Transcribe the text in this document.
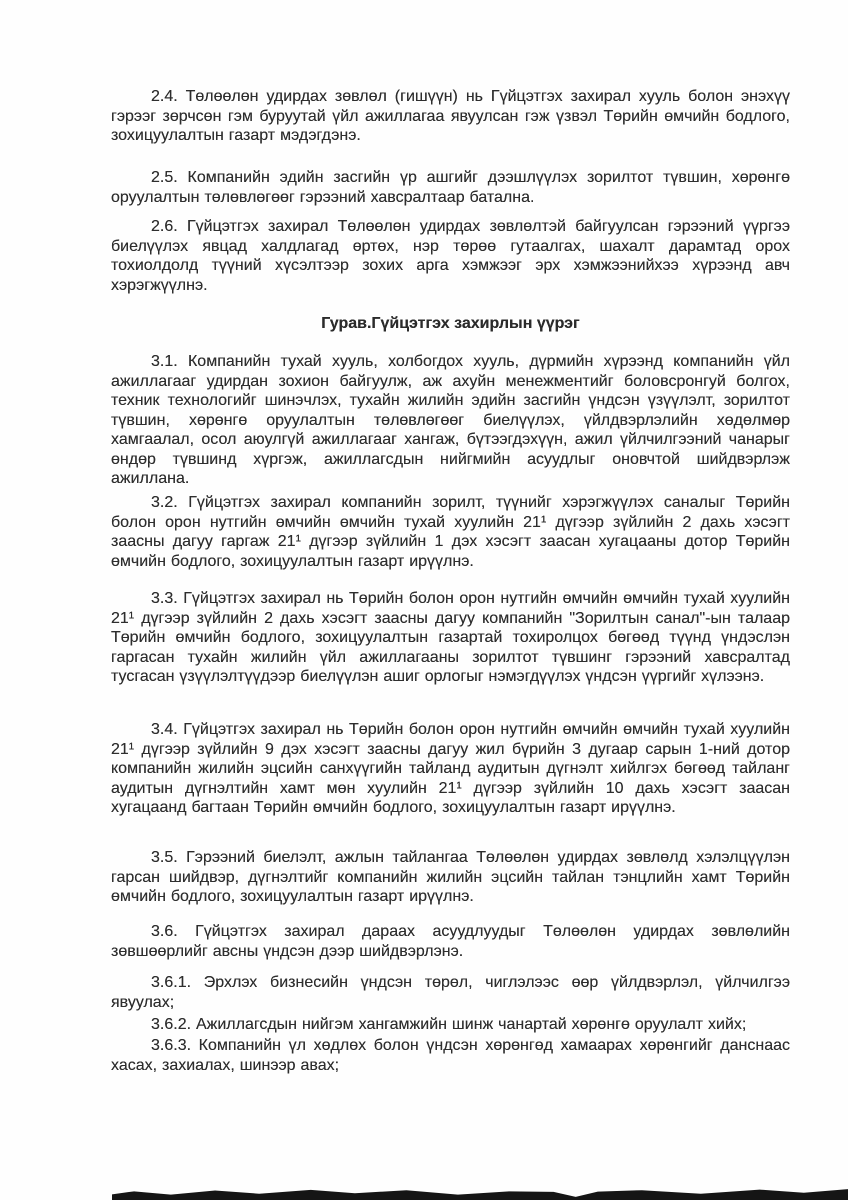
2.4. Төлөөлөн удирдах зөвлөл (гишүүн) нь Гүйцэтгэх захирал хууль болон энэхүү гэрээг зөрчсөн гэм буруутай үйл ажиллагаа явуулсан гэж үзвэл Төрийн өмчийн бодлого, зохицуулалтын газарт мэдэгдэнэ.

2.5. Компанийн эдийн засгийн үр ашгийг дээшлүүлэх зорилтот түвшин, хөрөнгө оруулалтын төлөвлөгөөг гэрээний хавсралтаар батална.

2.6. Гүйцэтгэх захирал Төлөөлөн удирдах зөвлөлтэй байгуулсан гэрээний үүргээ биелүүлэх явцад халдлагад өртөх, нэр төрөө гутаалгах, шахалт дарамтад орох тохиолдолд түүний хүсэлтээр зохих арга хэмжээг эрх хэмжээнийхээ хүрээнд авч хэрэгжүүлнэ.

Гурав.Гүйцэтгэх захирлын үүрэг

3.1. Компанийн тухай хууль, холбогдох хууль, дүрмийн хүрээнд компанийн үйл ажиллагааг удирдан зохион байгуулж, аж ахуйн менежментийг боловсронгуй болгох, техник технологийг шинэчлэх, тухайн жилийн эдийн засгийн үндсэн үзүүлэлт, зорилтот түвшин, хөрөнгө оруулалтын төлөвлөгөөг биелүүлэх, үйлдвэрлэлийн хөдөлмөр хамгаалал, осол аюулгүй ажиллагааг хангаж, бүтээгдэхүүн, ажил үйлчилгээний чанарыг өндөр түвшинд хүргэж, ажиллагсдын нийгмийн асуудлыг оновчтой шийдвэрлэж ажиллана.

3.2. Гүйцэтгэх захирал компанийн зорилт, түүнийг хэрэгжүүлэх саналыг Төрийн болон орон нутгийн өмчийн өмчийн тухай хуулийн 21¹ дүгээр зүйлийн 2 дахь хэсэгт заасны дагуу гаргаж 21¹ дүгээр зүйлийн 1 дэх хэсэгт заасан хугацааны дотор Төрийн өмчийн бодлого, зохицуулалтын газарт ирүүлнэ.

3.3. Гүйцэтгэх захирал нь Төрийн болон орон нутгийн өмчийн өмчийн тухай хуулийн 21¹ дүгээр зүйлийн 2 дахь хэсэгт заасны дагуу компанийн "Зорилтын санал"-ын талаар Төрийн өмчийн бодлого, зохицуулалтын газартай тохиролцох бөгөөд түүнд үндэслэн гаргасан тухайн жилийн үйл ажиллагааны зорилтот түвшинг гэрээний хавсралтад тусгасан үзүүлэлтүүдээр биелүүлэн ашиг орлогыг нэмэгдүүлэх үндсэн үүргийг хүлээнэ.

3.4. Гүйцэтгэх захирал нь Төрийн болон орон нутгийн өмчийн өмчийн тухай хуулийн 21¹ дүгээр зүйлийн 9 дэх хэсэгт заасны дагуу жил бүрийн 3 дугаар сарын 1-ний дотор компанийн жилийн эцсийн санхүүгийн тайланд аудитын дүгнэлт хийлгэх бөгөөд тайланг аудитын дүгнэлтийн хамт мөн хуулийн 21¹ дүгээр зүйлийн 10 дахь хэсэгт заасан хугацаанд багтаан Төрийн өмчийн бодлого, зохицуулалтын газарт ирүүлнэ.

3.5. Гэрээний биелэлт, ажлын тайлангаа Төлөөлөн удирдах зөвлөлд хэлэлцүүлэн гарсан шийдвэр, дүгнэлтийг компанийн жилийн эцсийн тайлан тэнцлийн хамт Төрийн өмчийн бодлого, зохицуулалтын газарт ирүүлнэ.

3.6. Гүйцэтгэх захирал дараах асуудлуудыг Төлөөлөн удирдах зөвлөлийн зөвшөөрлийг авсны үндсэн дээр шийдвэрлэнэ.

3.6.1. Эрхлэх бизнесийн үндсэн төрөл, чиглэлээс өөр үйлдвэрлэл, үйлчилгээ явуулах;

3.6.2. Ажиллагсдын нийгэм хангамжийн шинж чанартай хөрөнгө оруулалт хийх;

3.6.3. Компанийн үл хөдлөх болон үндсэн хөрөнгөд хамаарах хөрөнгийг данснаас хасах, захиалах, шинээр авах;
